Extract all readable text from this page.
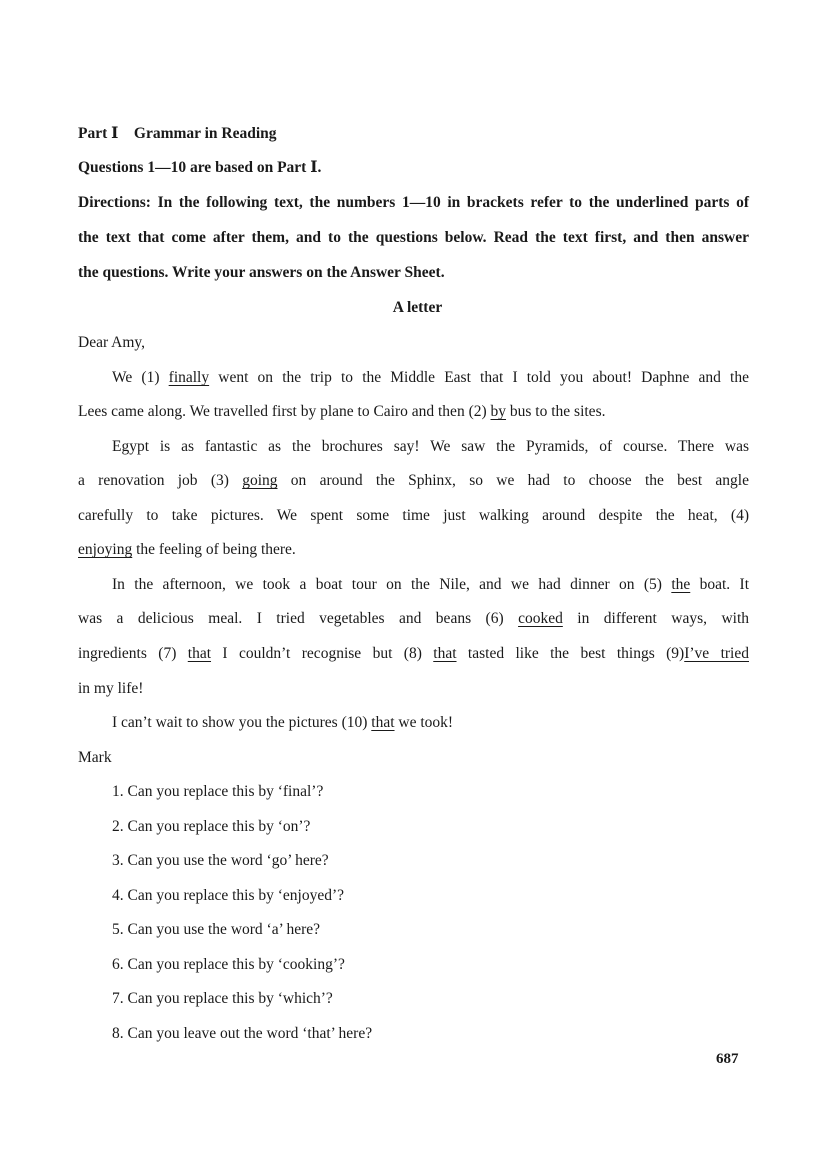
Part Ⅰ Grammar in Reading
Questions 1—10 are based on Part Ⅰ.
Directions: In the following text, the numbers 1—10 in brackets refer to the underlined parts of
the text that come after them, and to the questions below. Read the text first, and then answer
the questions. Write your answers on the Answer Sheet.
A letter
Dear Amy,
We (1) finally went on the trip to the Middle East that I told you about! Daphne and the
Lees came along. We travelled first by plane to Cairo and then (2) by bus to the sites.
Egypt is as fantastic as the brochures say! We saw the Pyramids, of course. There was
a renovation job (3) going on around the Sphinx, so we had to choose the best angle
carefully to take pictures. We spent some time just walking around despite the heat, (4)
enjoying the feeling of being there.
In the afternoon, we took a boat tour on the Nile, and we had dinner on (5) the boat. It
was a delicious meal. I tried vegetables and beans (6) cooked in different ways, with
ingredients (7) that I couldn’t recognise but (8) that tasted like the best things (9)I’ve tried
in my life!
I can’t wait to show you the pictures (10) that we took!
Mark
1. Can you replace this by ‘final’?
2. Can you replace this by ‘on’?
3. Can you use the word ‘go’ here?
4. Can you replace this by ‘enjoyed’?
5. Can you use the word ‘a’ here?
6. Can you replace this by ‘cooking’?
7. Can you replace this by ‘which’?
8. Can you leave out the word ‘that’ here?
687
